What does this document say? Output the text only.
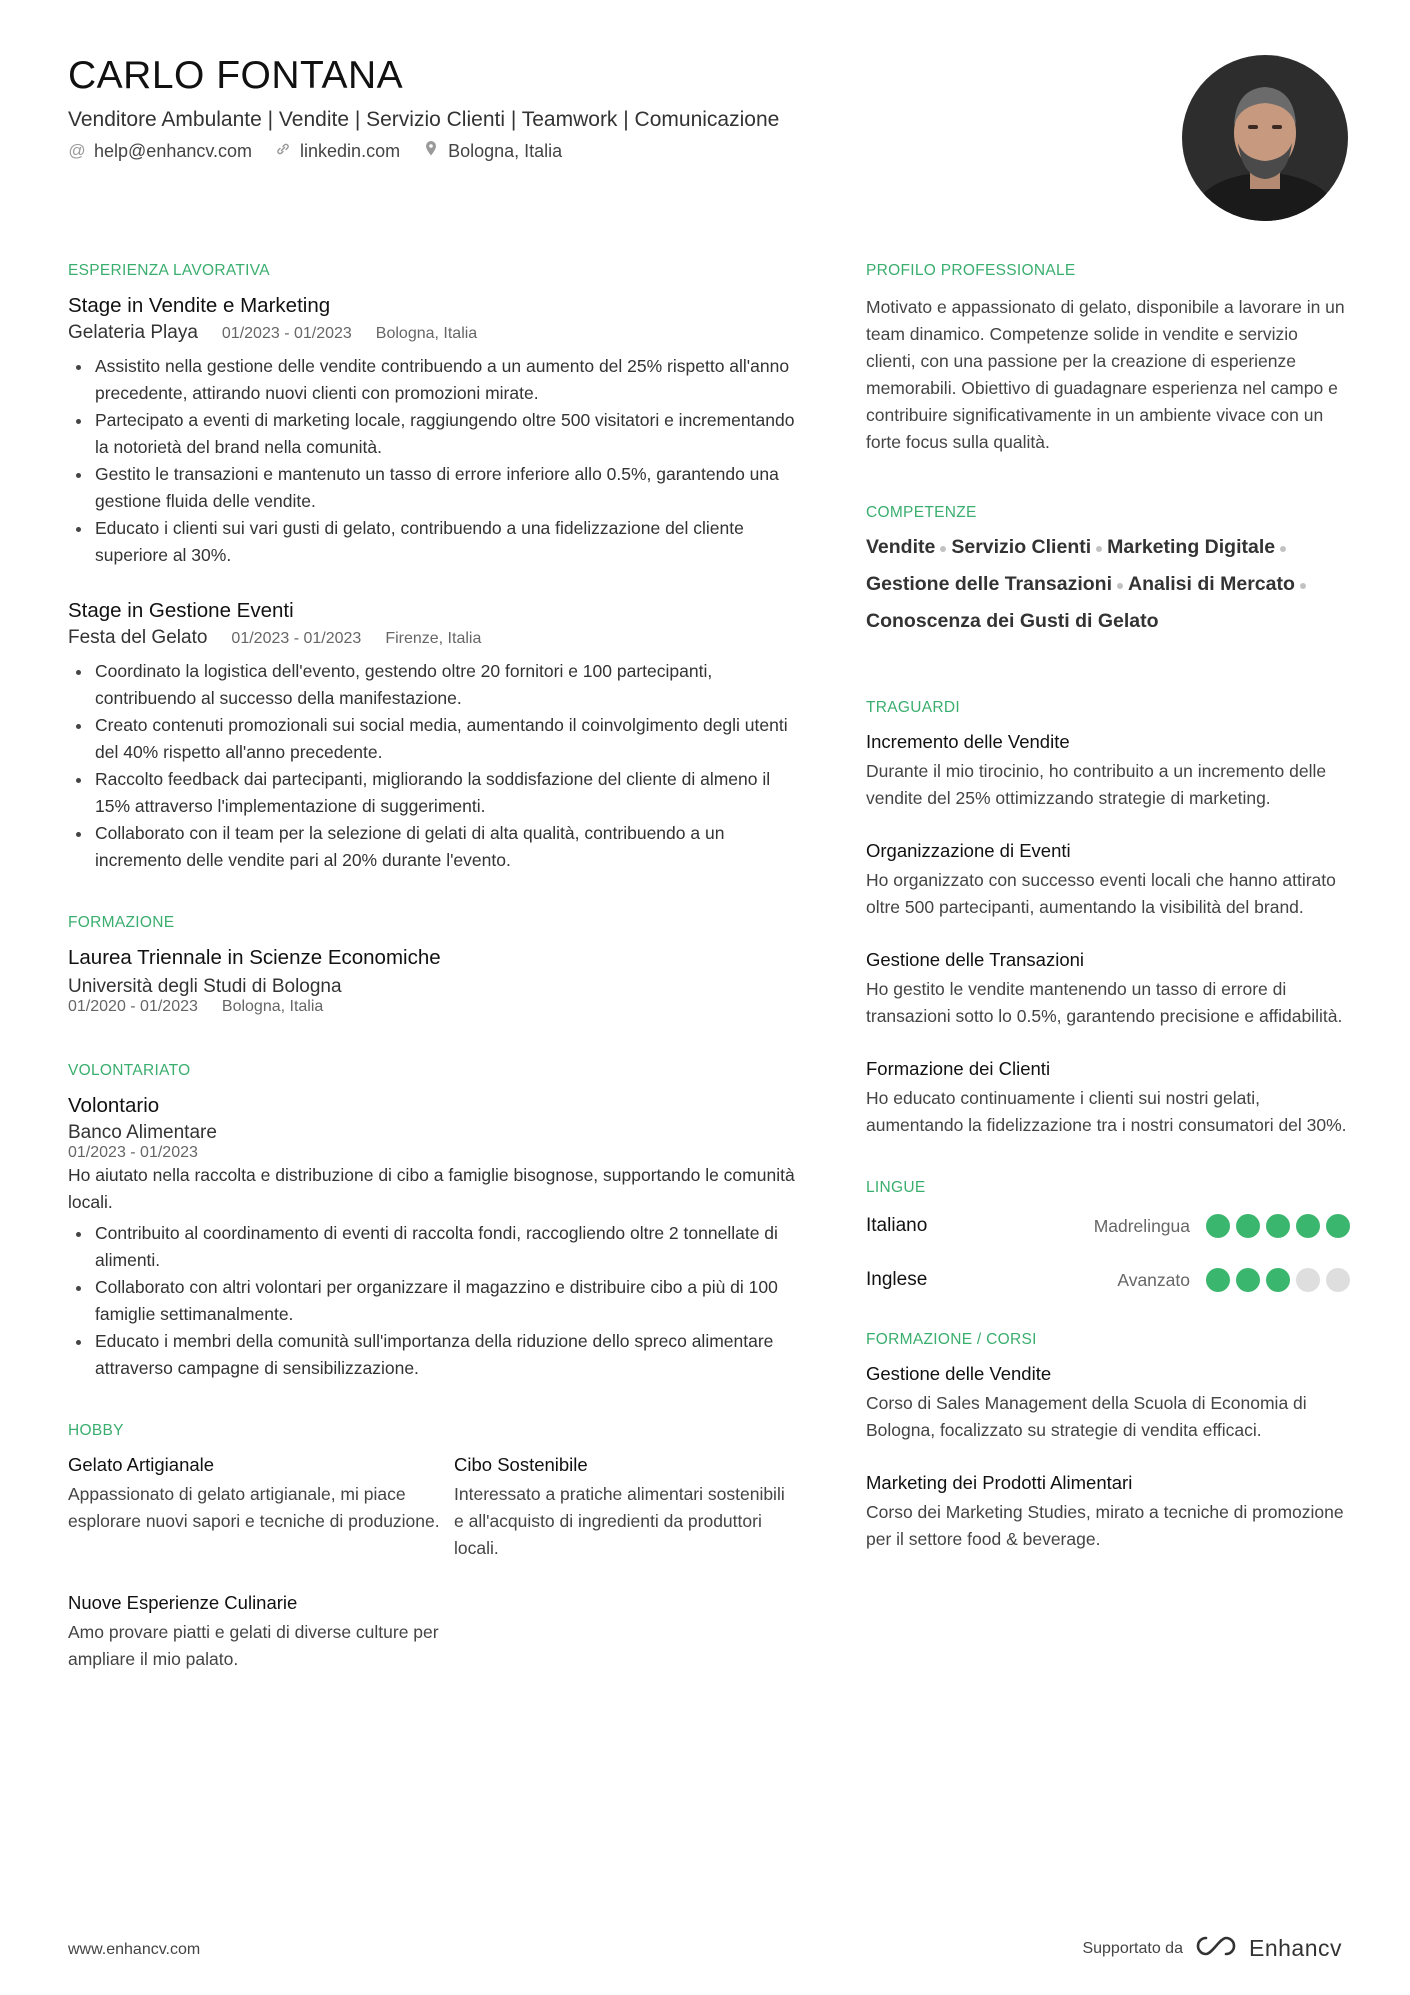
CARLO FONTANA
Venditore Ambulante | Vendite | Servizio Clienti | Teamwork | Comunicazione
@ help@enhancv.com	linkedin.com	Bologna, Italia
ESPERIENZA LAVORATIVA
Stage in Vendite e Marketing
Gelateria Playa 01/2023 - 01/2023 Bologna, Italia
Assistito nella gestione delle vendite contribuendo a un aumento del 25% rispetto all'anno precedente, attirando nuovi clienti con promozioni mirate.
Partecipato a eventi di marketing locale, raggiungendo oltre 500 visitatori e incrementando la notorietà del brand nella comunità.
Gestito le transazioni e mantenuto un tasso di errore inferiore allo 0.5%, garantendo una gestione fluida delle vendite.
Educato i clienti sui vari gusti di gelato, contribuendo a una fidelizzazione del cliente superiore al 30%.
Stage in Gestione Eventi
Festa del Gelato 01/2023 - 01/2023 Firenze, Italia
Coordinato la logistica dell'evento, gestendo oltre 20 fornitori e 100 partecipanti, contribuendo al successo della manifestazione.
Creato contenuti promozionali sui social media, aumentando il coinvolgimento degli utenti del 40% rispetto all'anno precedente.
Raccolto feedback dai partecipanti, migliorando la soddisfazione del cliente di almeno il 15% attraverso l'implementazione di suggerimenti.
Collaborato con il team per la selezione di gelati di alta qualità, contribuendo a un incremento delle vendite pari al 20% durante l'evento.
FORMAZIONE
Laurea Triennale in Scienze Economiche
Università degli Studi di Bologna
01/2020 - 01/2023 Bologna, Italia
VOLONTARIATO
Volontario
Banco Alimentare
01/2023 - 01/2023
Ho aiutato nella raccolta e distribuzione di cibo a famiglie bisognose, supportando le comunità locali.
Contribuito al coordinamento di eventi di raccolta fondi, raccogliendo oltre 2 tonnellate di alimenti.
Collaborato con altri volontari per organizzare il magazzino e distribuire cibo a più di 100 famiglie settimanalmente.
Educato i membri della comunità sull'importanza della riduzione dello spreco alimentare attraverso campagne di sensibilizzazione.
HOBBY
Gelato Artigianale
Appassionato di gelato artigianale, mi piace esplorare nuovi sapori e tecniche di produzione.
Cibo Sostenibile
Interessato a pratiche alimentari sostenibili e all'acquisto di ingredienti da produttori locali.
Nuove Esperienze Culinarie
Amo provare piatti e gelati di diverse culture per ampliare il mio palato.
PROFILO PROFESSIONALE
Motivato e appassionato di gelato, disponibile a lavorare in un team dinamico. Competenze solide in vendite e servizio clienti, con una passione per la creazione di esperienze memorabili. Obiettivo di guadagnare esperienza nel campo e contribuire significativamente in un ambiente vivace con un forte focus sulla qualità.
COMPETENZE
Vendite Servizio Clienti Marketing Digitale
Gestione delle Transazioni Analisi di Mercato
Conoscenza dei Gusti di Gelato
TRAGUARDI
Incremento delle Vendite
Durante il mio tirocinio, ho contribuito a un incremento delle vendite del 25% ottimizzando strategie di marketing.
Organizzazione di Eventi
Ho organizzato con successo eventi locali che hanno attirato oltre 500 partecipanti, aumentando la visibilità del brand.
Gestione delle Transazioni
Ho gestito le vendite mantenendo un tasso di errore di transazioni sotto lo 0.5%, garantendo precisione e affidabilità.
Formazione dei Clienti
Ho educato continuamente i clienti sui nostri gelati, aumentando la fidelizzazione tra i nostri consumatori del 30%.
LINGUE
Italiano	Madrelingua
Inglese	Avanzato
FORMAZIONE / CORSI
Gestione delle Vendite
Corso di Sales Management della Scuola di Economia di Bologna, focalizzato su strategie di vendita efficaci.
Marketing dei Prodotti Alimentari
Corso dei Marketing Studies, mirato a tecniche di promozione per il settore food & beverage.
www.enhancv.com	Supportato da	Enhancv
